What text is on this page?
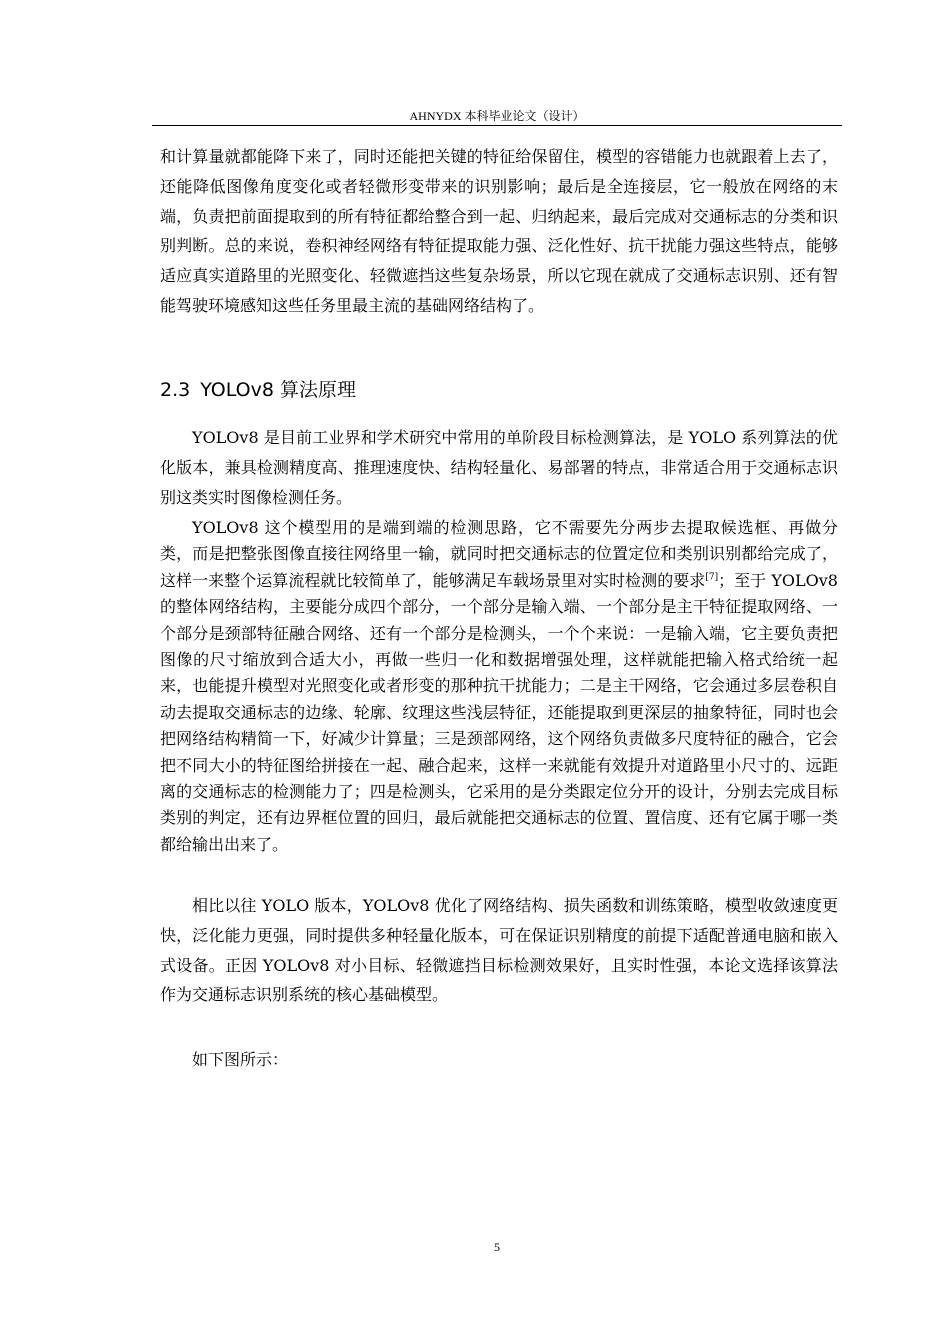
AHNYDX 本科毕业论文（设计）

和计算量就都能降下来了，同时还能把关键的特征给保留住，模型的容错能力也就跟着上去了，还能降低图像角度变化或者轻微形变带来的识别影响；最后是全连接层，它一般放在网络的末端，负责把前面提取到的所有特征都给整合到一起、归纳起来，最后完成对交通标志的分类和识别判断。总的来说，卷积神经网络有特征提取能力强、泛化性好、抗干扰能力强这些特点，能够适应真实道路里的光照变化、轻微遮挡这些复杂场景，所以它现在就成了交通标志识别、还有智能驾驶环境感知这些任务里最主流的基础网络结构了。

2.3 YOLOv8 算法原理

YOLOv8 是目前工业界和学术研究中常用的单阶段目标检测算法，是 YOLO 系列算法的优化版本，兼具检测精度高、推理速度快、结构轻量化、易部署的特点，非常适合用于交通标志识别这类实时图像检测任务。

YOLOv8 这个模型用的是端到端的检测思路，它不需要先分两步去提取候选框、再做分类，而是把整张图像直接往网络里一输，就同时把交通标志的位置定位和类别识别都给完成了，这样一来整个运算流程就比较简单了，能够满足车载场景里对实时检测的要求[7]；至于 YOLOv8 的整体网络结构，主要能分成四个部分，一个部分是输入端、一个部分是主干特征提取网络、一个部分是颈部特征融合网络、还有一个部分是检测头，一个个来说：一是输入端，它主要负责把图像的尺寸缩放到合适大小，再做一些归一化和数据增强处理，这样就能把输入格式给统一起来，也能提升模型对光照变化或者形变的那种抗干扰能力；二是主干网络，它会通过多层卷积自动去提取交通标志的边缘、轮廓、纹理这些浅层特征，还能提取到更深层的抽象特征，同时也会把网络结构精简一下，好减少计算量；三是颈部网络，这个网络负责做多尺度特征的融合，它会把不同大小的特征图给拼接在一起、融合起来，这样一来就能有效提升对道路里小尺寸的、远距离的交通标志的检测能力了；四是检测头，它采用的是分类跟定位分开的设计，分别去完成目标类别的判定，还有边界框位置的回归，最后就能把交通标志的位置、置信度、还有它属于哪一类都给输出出来了。

相比以往 YOLO 版本，YOLOv8 优化了网络结构、损失函数和训练策略，模型收敛速度更快，泛化能力更强，同时提供多种轻量化版本，可在保证识别精度的前提下适配普通电脑和嵌入式设备。正因 YOLOv8 对小目标、轻微遮挡目标检测效果好，且实时性强，本论文选择该算法作为交通标志识别系统的核心基础模型。

如下图所示：

5
